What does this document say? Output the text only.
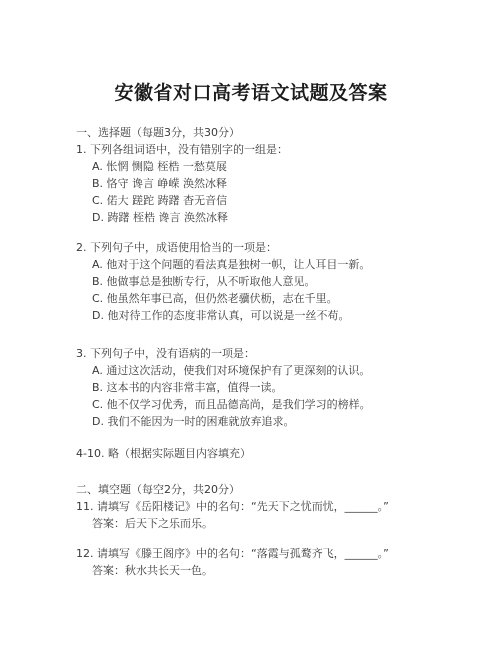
安徽省对口高考语文试题及答案
一、选择题（每题3分，共30分）
1. 下列各组词语中，没有错别字的一组是：
A. 怅惘 恻隐 桎梏 一愁莫展
B. 恪守 谗言 峥嵘 涣然冰释
C. 偌大 蹉跎 踌躇 杳无音信
D. 踌躇 桎梏 谗言 涣然冰释
2. 下列句子中，成语使用恰当的一项是：
A. 他对于这个问题的看法真是独树一帜，让人耳目一新。
B. 他做事总是独断专行，从不听取他人意见。
C. 他虽然年事已高，但仍然老骥伏枥，志在千里。
D. 他对待工作的态度非常认真，可以说是一丝不苟。
3. 下列句子中，没有语病的一项是：
A. 通过这次活动，使我们对环境保护有了更深刻的认识。
B. 这本书的内容非常丰富，值得一读。
C. 他不仅学习优秀，而且品德高尚，是我们学习的榜样。
D. 我们不能因为一时的困难就放弃追求。
4-10. 略（根据实际题目内容填充）
二、填空题（每空2分，共20分）
11. 请填写《岳阳楼记》中的名句：“先天下之忧而忧，______。”
答案：后天下之乐而乐。
12. 请填写《滕王阁序》中的名句：“落霞与孤鹜齐飞，______。”
答案：秋水共长天一色。
